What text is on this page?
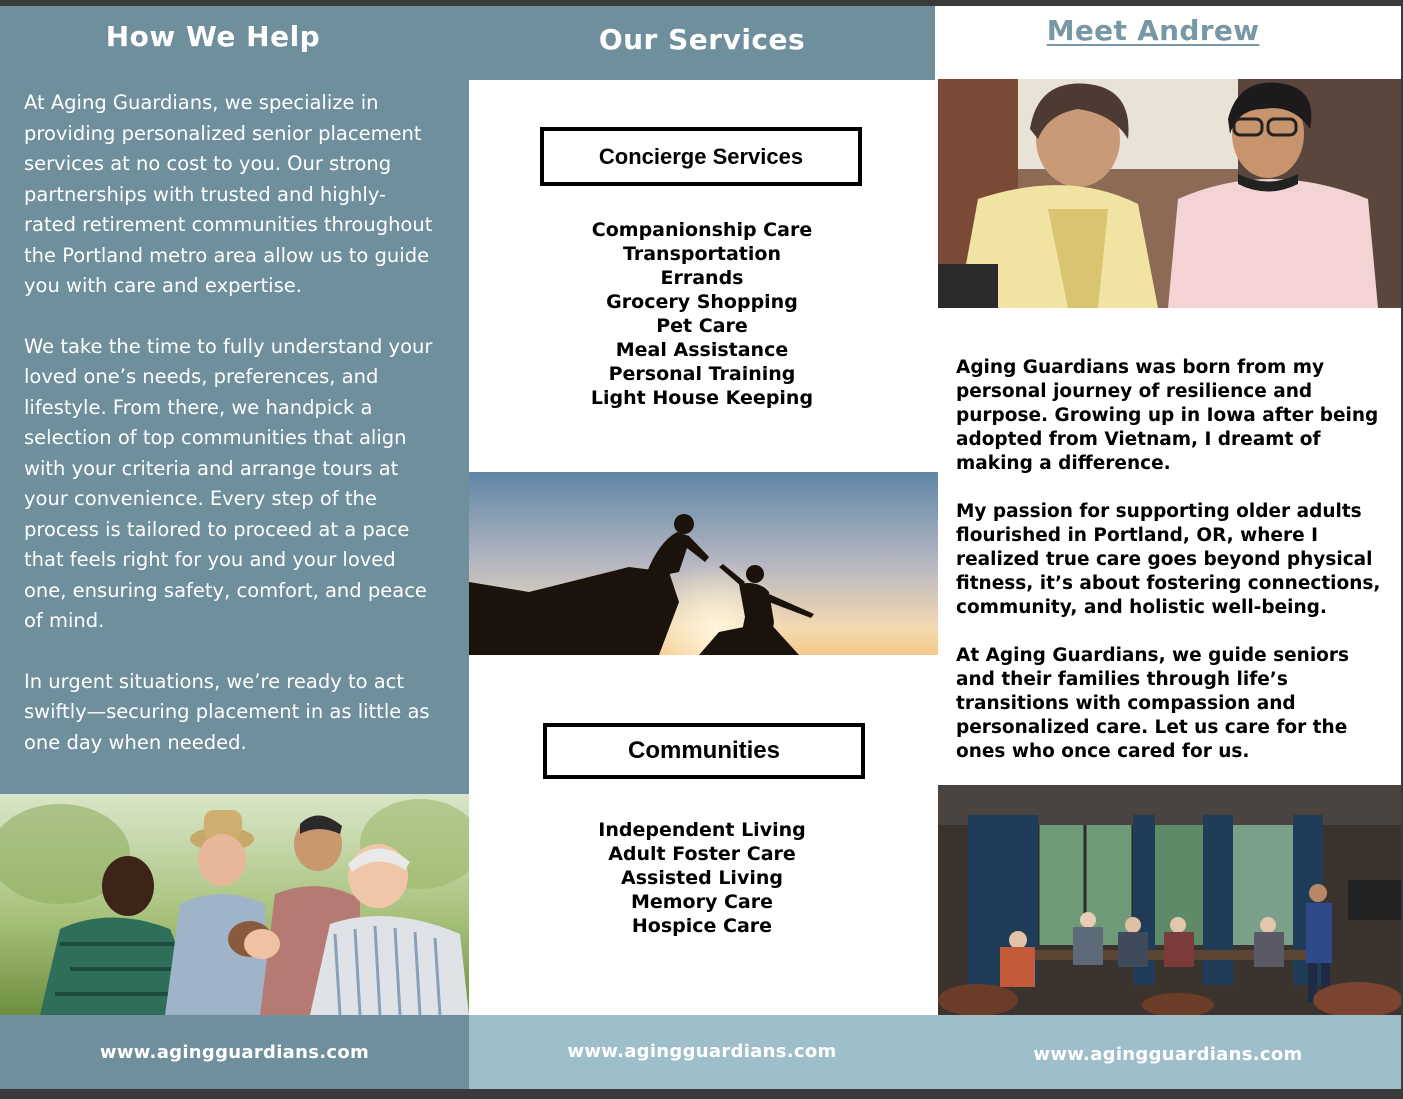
How We Help

At Aging Guardians, we specialize in providing personalized senior placement services at no cost to you. Our strong partnerships with trusted and highly-rated retirement communities throughout the Portland metro area allow us to guide you with care and expertise.

We take the time to fully understand your loved one’s needs, preferences, and lifestyle. From there, we handpick a selection of top communities that align with your criteria and arrange tours at your convenience. Every step of the process is tailored to proceed at a pace that feels right for you and your loved one, ensuring safety, comfort, and peace of mind.

In urgent situations, we’re ready to act swiftly—securing placement in as little as one day when needed.

www.agingguardians.com
Our Services
Concierge Services
Companionship Care
Transportation
Errands
Grocery Shopping
Pet Care
Meal Assistance
Personal Training
Light House Keeping
Communities
Independent Living
Adult Foster Care
Assisted Living
Memory Care
Hospice Care
www.agingguardians.com
Meet Andrew

Aging Guardians was born from my personal journey of resilience and purpose. Growing up in Iowa after being adopted from Vietnam, I dreamt of making a difference.

My passion for supporting older adults flourished in Portland, OR, where I realized true care goes beyond physical fitness, it’s about fostering connections, community, and holistic well-being.

At Aging Guardians, we guide seniors and their families through life’s transitions with compassion and personalized care. Let us care for the ones who once cared for us.

www.agingguardians.com
